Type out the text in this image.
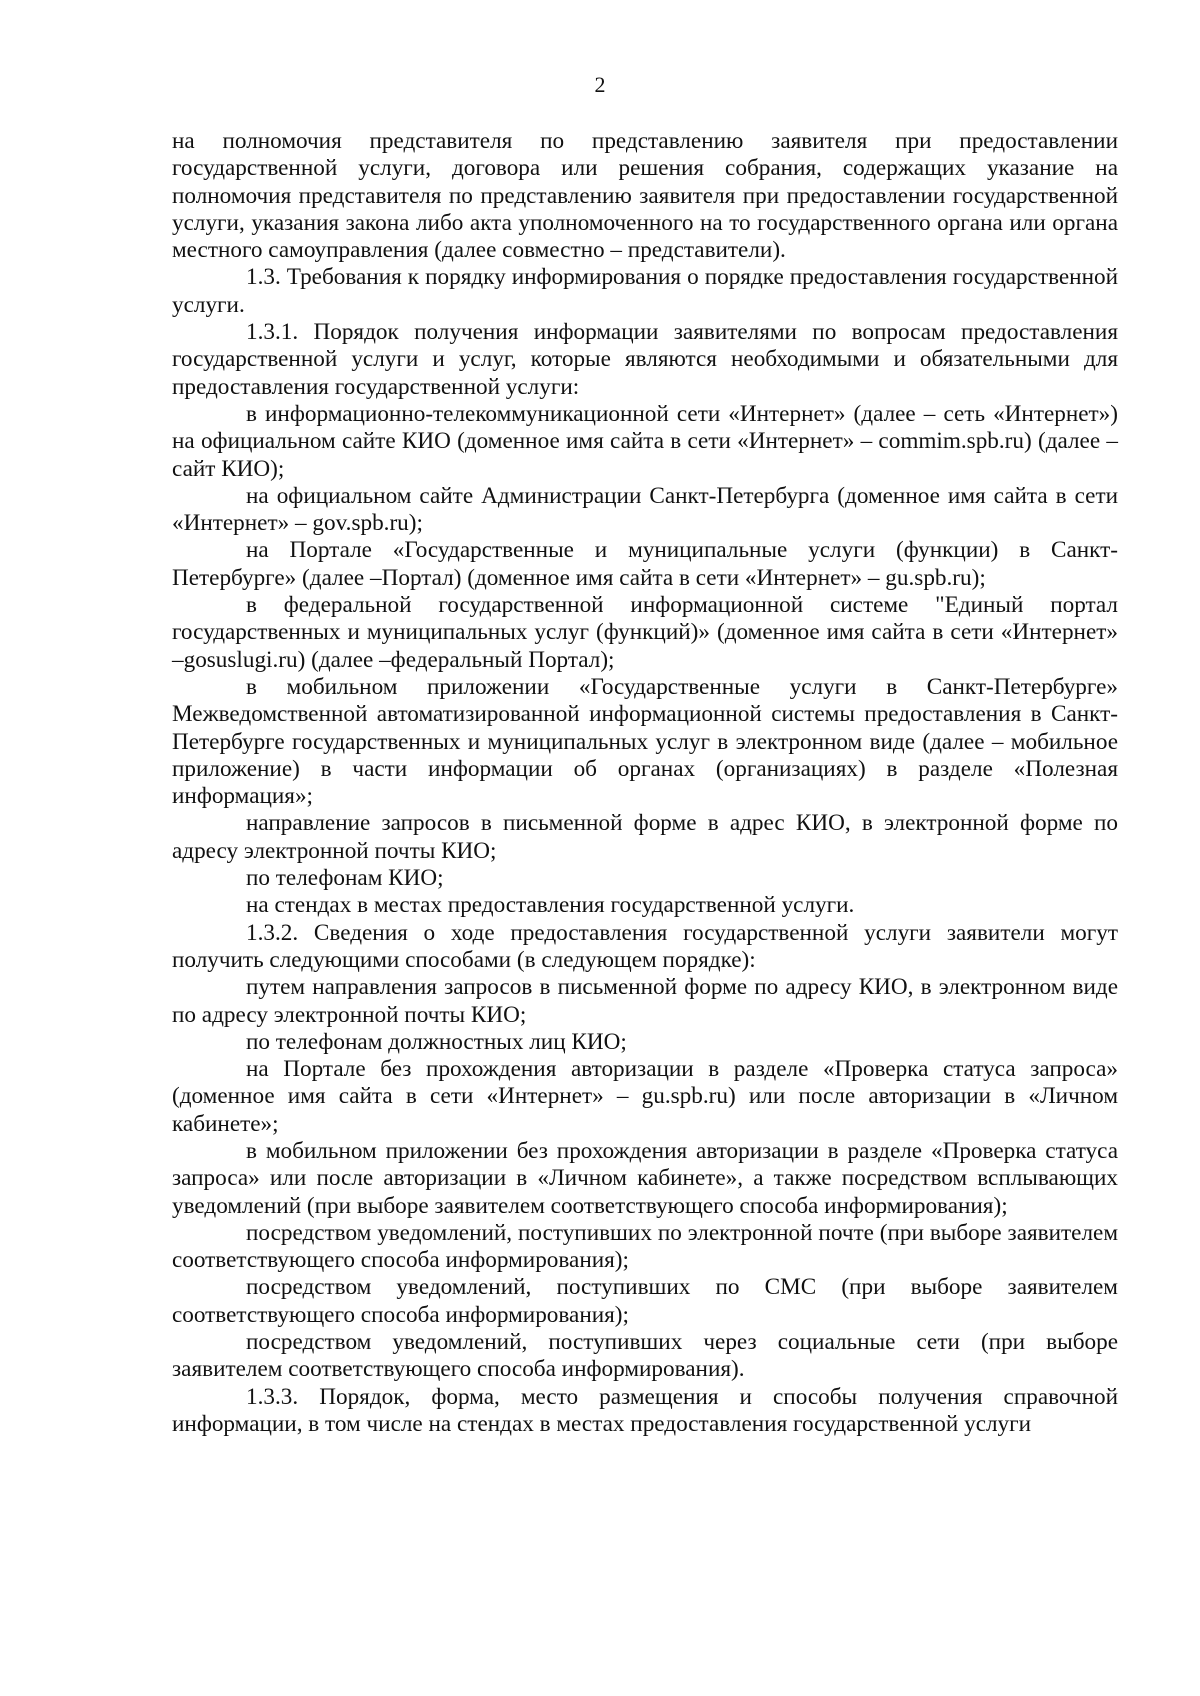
2

на полномочия представителя по представлению заявителя при предоставлении государственной услуги, договора или решения собрания, содержащих указание на полномочия представителя по представлению заявителя при предоставлении государственной услуги, указания закона либо акта уполномоченного на то государственного органа или органа местного самоуправления (далее совместно – представители).

1.3. Требования к порядку информирования о порядке предоставления государственной услуги.

1.3.1. Порядок получения информации заявителями по вопросам предоставления государственной услуги и услуг, которые являются необходимыми и обязательными для предоставления государственной услуги:

в информационно-телекоммуникационной сети «Интернет» (далее – сеть «Интернет») на официальном сайте КИО (доменное имя сайта в сети «Интернет» – commim.spb.ru) (далее – сайт КИО);

на официальном сайте Администрации Санкт-Петербурга (доменное имя сайта в сети «Интернет» – gov.spb.ru);

на Портале «Государственные и муниципальные услуги (функции) в Санкт-Петербурге» (далее –Портал) (доменное имя сайта в сети «Интернет» – gu.spb.ru);

в федеральной государственной информационной системе "Единый портал государственных и муниципальных услуг (функций)» (доменное имя сайта в сети «Интернет» –gosuslugi.ru) (далее –федеральный Портал);

в мобильном приложении «Государственные услуги в Санкт-Петербурге» Межведомственной автоматизированной информационной системы предоставления в Санкт-Петербурге государственных и муниципальных услуг в электронном виде (далее – мобильное приложение) в части информации об органах (организациях) в разделе «Полезная информация»;

направление запросов в письменной форме в адрес КИО, в электронной форме по адресу электронной почты КИО;

по телефонам КИО;

на стендах в местах предоставления государственной услуги.

1.3.2. Сведения о ходе предоставления государственной услуги заявители могут получить следующими способами (в следующем порядке):

путем направления запросов в письменной форме по адресу КИО, в электронном виде по адресу электронной почты КИО;

по телефонам должностных лиц КИО;

на Портале без прохождения авторизации в разделе «Проверка статуса запроса» (доменное имя сайта в сети «Интернет» – gu.spb.ru) или после авторизации в «Личном кабинете»;

в мобильном приложении без прохождения авторизации в разделе «Проверка статуса запроса» или после авторизации в «Личном кабинете», а также посредством всплывающих уведомлений (при выборе заявителем соответствующего способа информирования);

посредством уведомлений, поступивших по электронной почте (при выборе заявителем соответствующего способа информирования);

посредством уведомлений, поступивших по СМС (при выборе заявителем соответствующего способа информирования);

посредством уведомлений, поступивших через социальные сети (при выборе заявителем соответствующего способа информирования).

1.3.3. Порядок, форма, место размещения и способы получения справочной информации, в том числе на стендах в местах предоставления государственной услуги
